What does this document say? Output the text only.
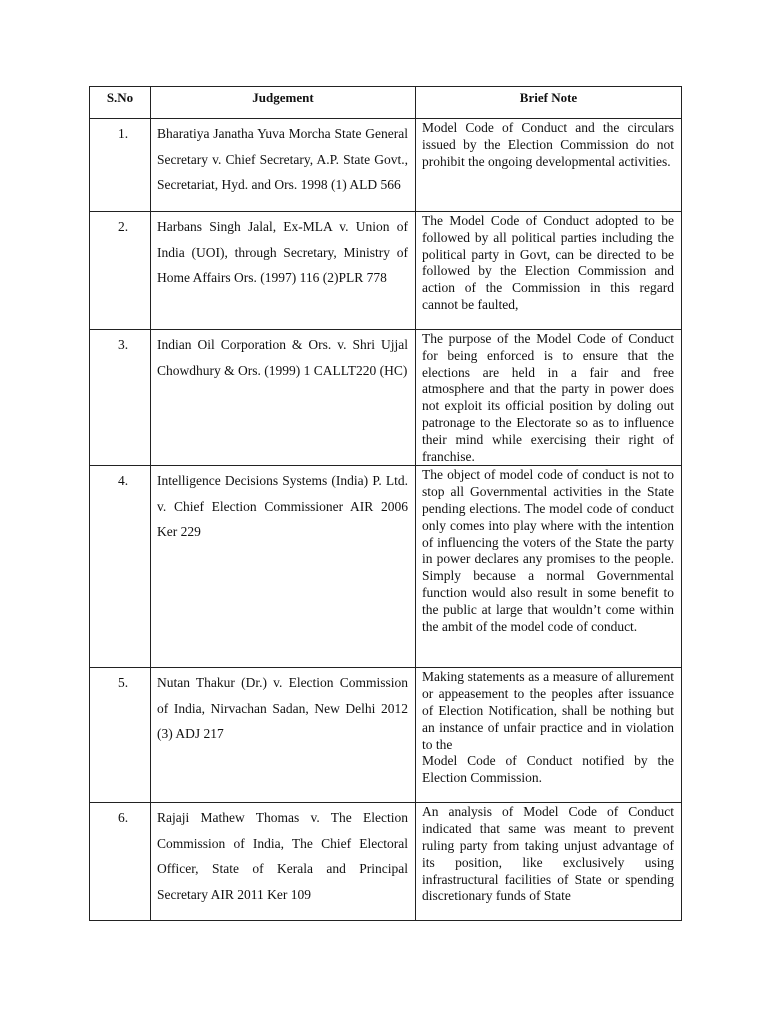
S.No	Judgement	Brief Note

1.	Bharatiya Janatha Yuva Morcha State General Secretary v. Chief Secretary, A.P. State Govt., Secretariat, Hyd. and Ors. 1998 (1) ALD 566	Model Code of Conduct and the circulars issued by the Election Commission do not prohibit the ongoing developmental activities.
2.	Harbans Singh Jalal, Ex-MLA v. Union of India (UOI), through Secretary, Ministry of Home Affairs Ors. (1997) 116 (2)PLR 778	The Model Code of Conduct adopted to be followed by all political parties including the political party in Govt, can be directed to be followed by the Election Commission and action of the Commission in this regard cannot be faulted,
3.	Indian Oil Corporation & Ors. v. Shri Ujjal Chowdhury & Ors. (1999) 1 CALLT220 (HC)	The purpose of the Model Code of Conduct for being enforced is to ensure that the elections are held in a fair and free atmosphere and that the party in power does not exploit its official position by doling out patronage to the Electorate so as to influence their mind while exercising their right of franchise.
4.	Intelligence Decisions Systems (India) P. Ltd. v. Chief Election Commissioner AIR 2006 Ker 229	The object of model code of conduct is not to stop all Governmental activities in the State pending elections. The model code of conduct only comes into play where with the intention of influencing the voters of the State the party in power declares any promises to the people. Simply because a normal Governmental function would also result in some benefit to the public at large that wouldn’t come within the ambit of the model code of conduct.
5.	Nutan Thakur (Dr.) v. Election Commission of India, Nirvachan Sadan, New Delhi 2012 (3) ADJ 217	Making statements as a measure of allurement or appeasement to the peoples after issuance of Election Notification, shall be nothing but an instance of unfair practice and in violation to the
Model Code of Conduct notified by the Election Commission.

6.	Rajaji Mathew Thomas v. The Election Commission of India, The Chief Electoral Officer, State of Kerala and Principal Secretary AIR 2011 Ker 109	An analysis of Model Code of Conduct indicated that same was meant to prevent ruling party from taking unjust advantage of its position, like exclusively using infrastructural facilities of State or spending discretionary funds of State
